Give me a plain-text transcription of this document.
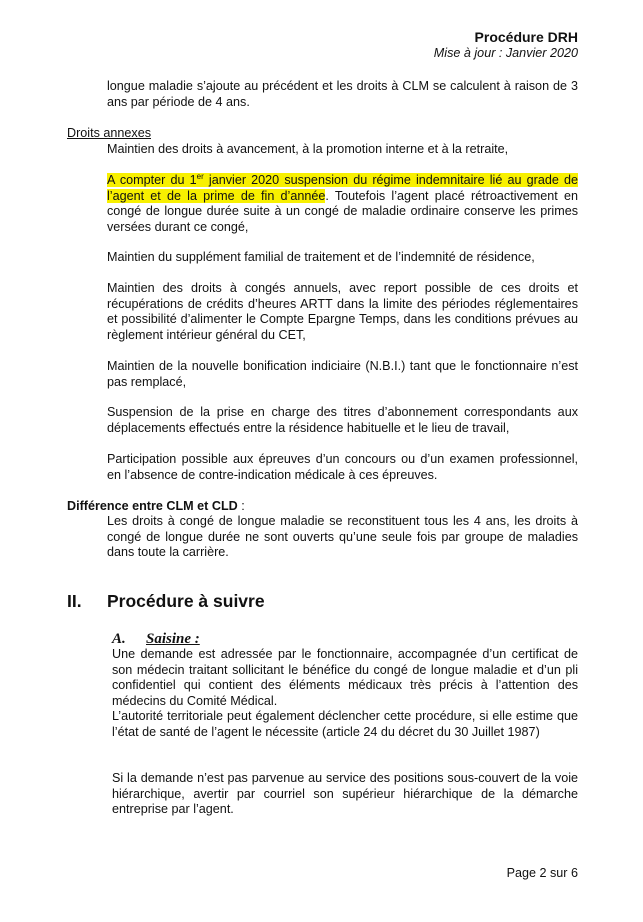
Procédure DRH
Mise à jour : Janvier 2020

longue maladie s’ajoute au précédent et les droits à CLM se calculent à raison de 3 ans par période de 4 ans.

Droits annexes

Maintien des droits à avancement, à la promotion interne et à la retraite,

A compter du 1er janvier 2020 suspension du régime indemnitaire lié au grade de l’agent et de la prime de fin d’année. Toutefois l’agent placé rétroactivement en congé de longue durée suite à un congé de maladie ordinaire conserve les primes versées durant ce congé,

Maintien du supplément familial de traitement et de l’indemnité de résidence,

Maintien des droits à congés annuels, avec report possible de ces droits et récupérations de crédits d’heures ARTT dans la limite des périodes réglementaires et possibilité d’alimenter le Compte Epargne Temps, dans les conditions prévues au règlement intérieur général du CET,

Maintien de la nouvelle bonification indiciaire (N.B.I.) tant que le fonctionnaire n’est pas remplacé,

Suspension de la prise en charge des titres d’abonnement correspondants aux déplacements effectués entre la résidence habituelle et le lieu de travail,

Participation possible aux épreuves d’un concours ou d’un examen professionnel, en l’absence de contre-indication médicale à ces épreuves.

Différence entre CLM et CLD :

Les droits à congé de longue maladie se reconstituent tous les 4 ans, les droits à congé de longue durée ne sont ouverts qu’une seule fois par groupe de maladies dans toute la carrière.

II. Procédure à suivre
A. Saisine :

Une demande est adressée par le fonctionnaire, accompagnée d’un certificat de son médecin traitant sollicitant le bénéfice du congé de longue maladie et d’un pli confidentiel qui contient des éléments médicaux très précis à l’attention des médecins du Comité Médical.

L’autorité territoriale peut également déclencher cette procédure, si elle estime que l’état de santé de l’agent le nécessite (article 24 du décret du 30 Juillet 1987)

Si la demande n’est pas parvenue au service des positions sous-couvert de la voie hiérarchique, avertir par courriel son supérieur hiérarchique de la démarche entreprise par l’agent.

Page 2 sur 6
